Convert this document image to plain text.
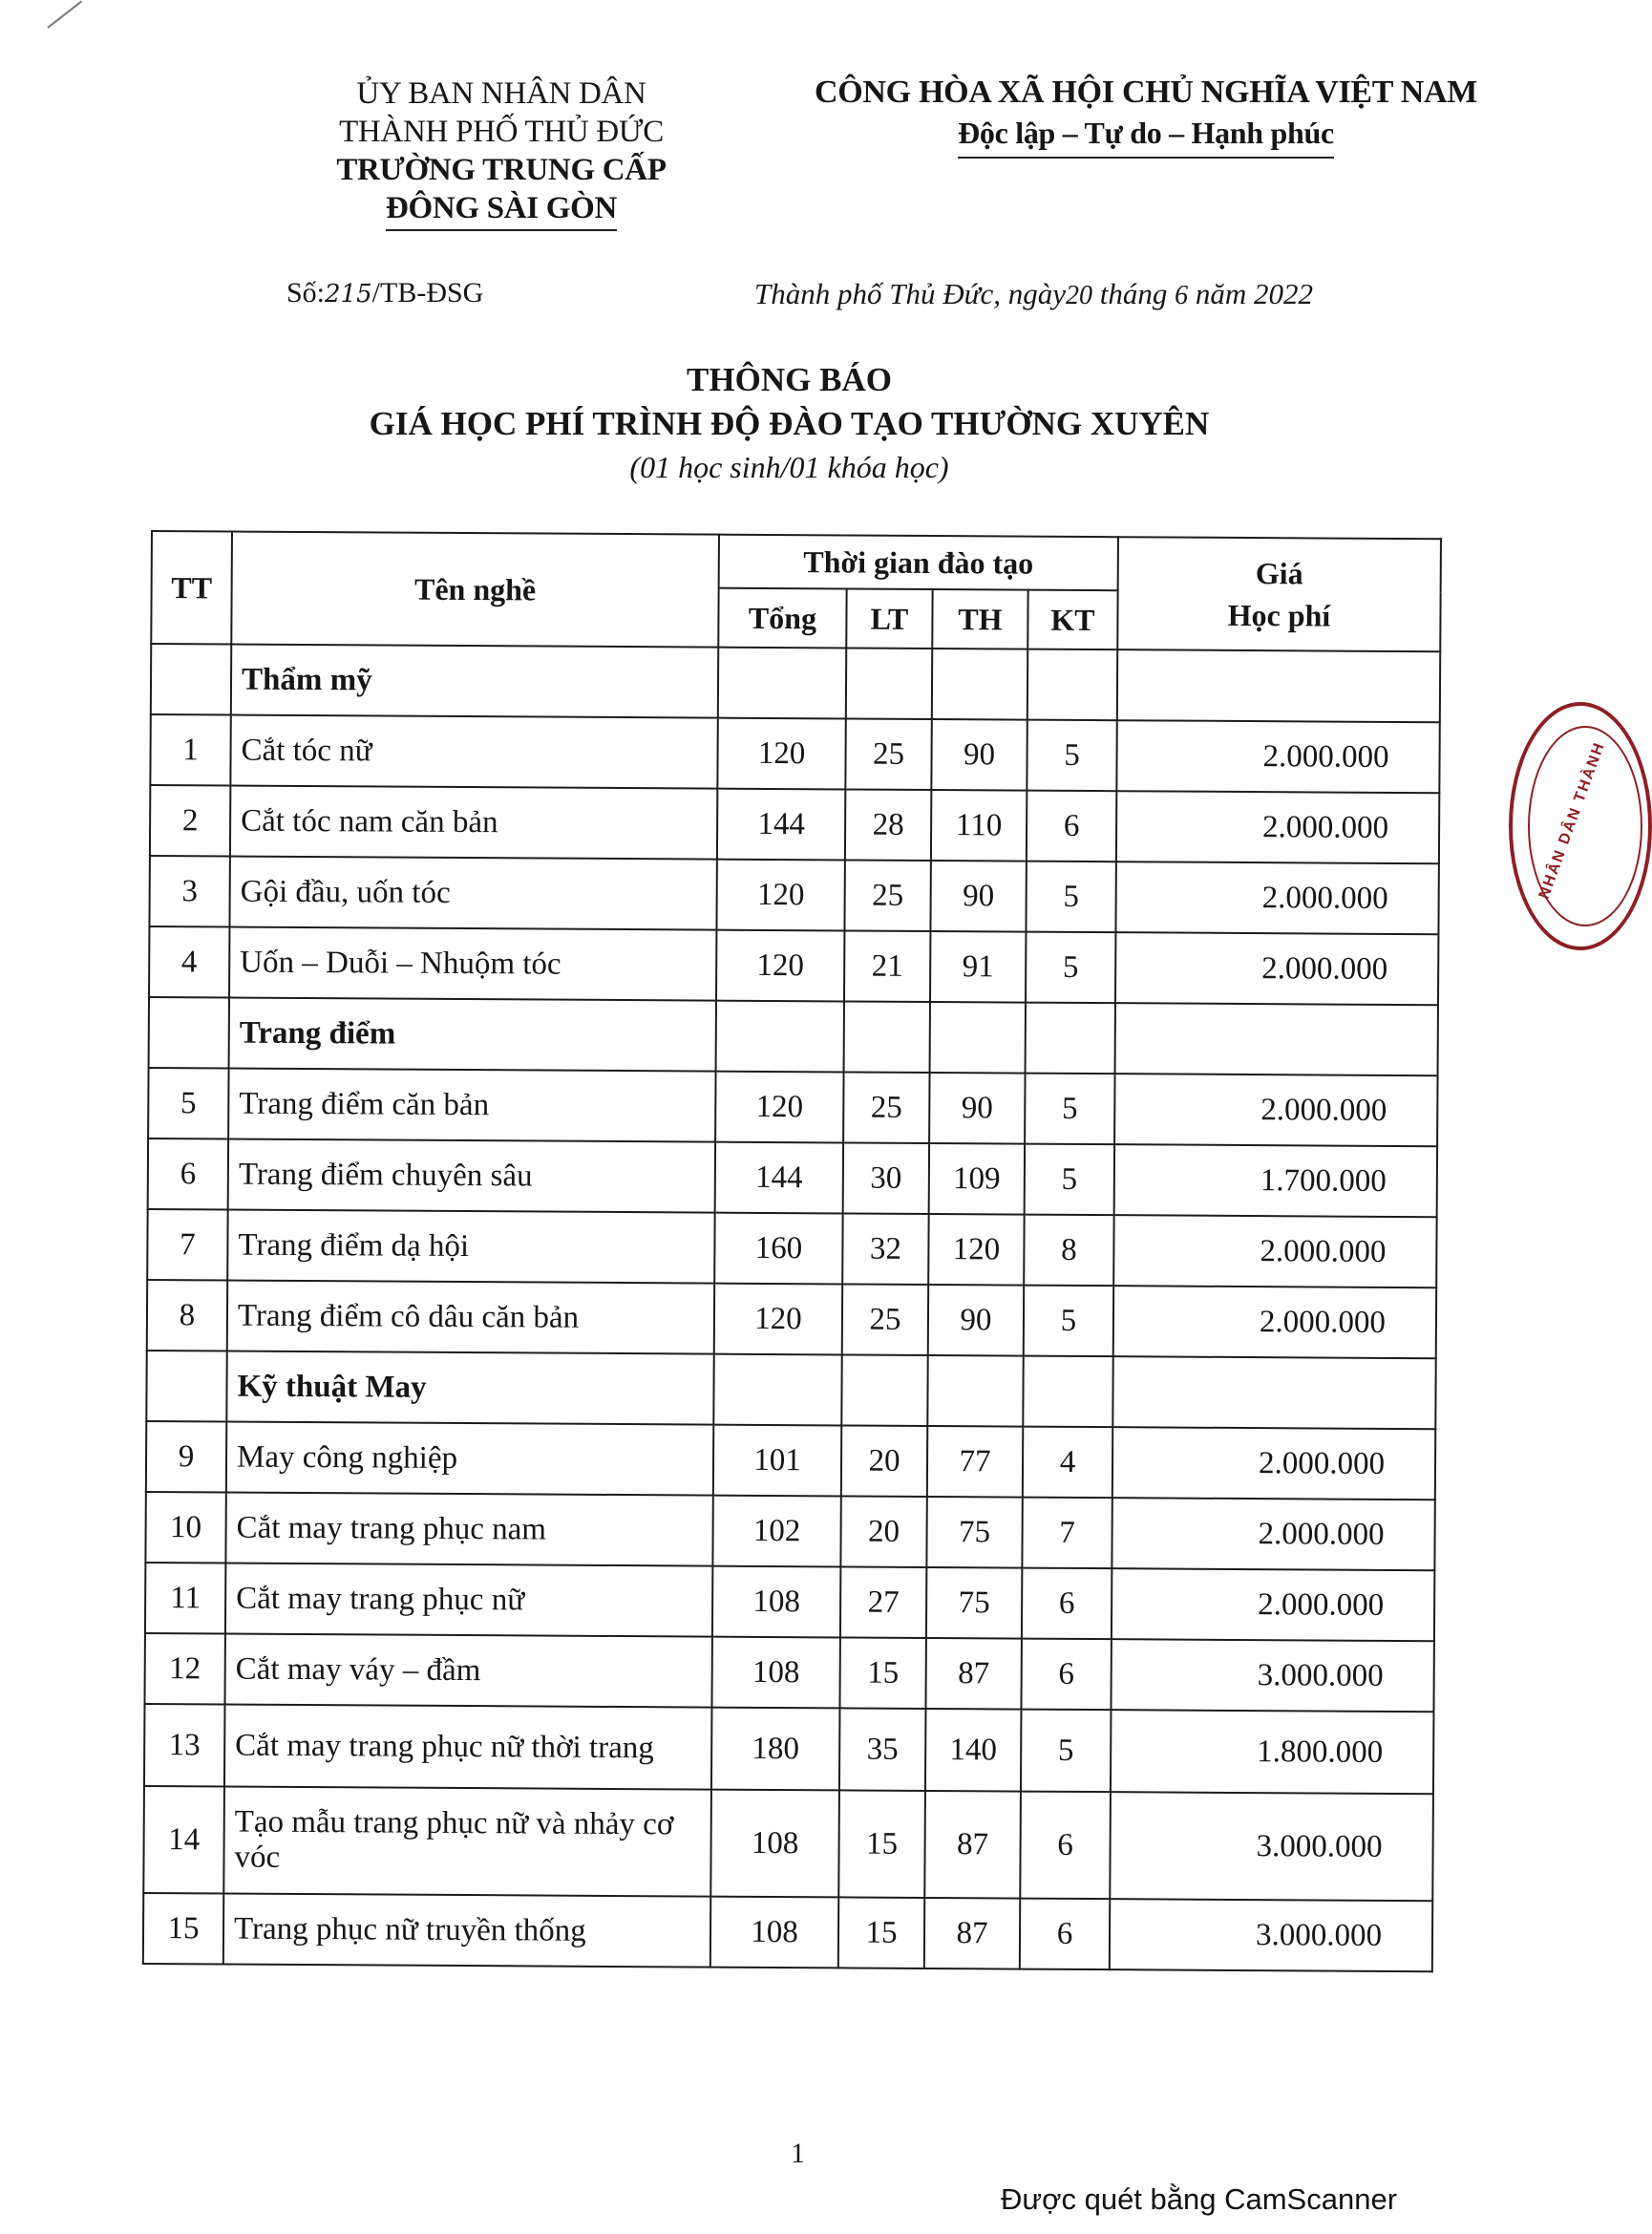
ỦY BAN NHÂN DÂN
THÀNH PHỐ THỦ ĐỨC
TRƯỜNG TRUNG CẤP
ĐÔNG SÀI GÒN
CÔNG HÒA XÃ HỘI CHỦ NGHĨA VIỆT NAM
Độc lập – Tự do – Hạnh phúc
Số:215/TB-ĐSG	Thành phố Thủ Đức, ngày20 tháng 6 năm 2022
THÔNG BÁO
GIÁ HỌC PHÍ TRÌNH ĐỘ ĐÀO TẠO THƯỜNG XUYÊN
(01 học sinh/01 khóa học)
TT	Tên nghề	Thời gian đào tạo				Giá
Học phí

		Tổng	LT	TH	KT	
	Thẩm mỹ					
1	Cắt tóc nữ	120	25	90	5	2.000.000
2	Cắt tóc nam căn bản	144	28	110	6	2.000.000
3	Gội đầu, uốn tóc	120	25	90	5	2.000.000
4	Uốn – Duỗi – Nhuộm tóc	120	21	91	5	2.000.000
	Trang điểm					
5	Trang điểm căn bản	120	25	90	5	2.000.000
6	Trang điểm chuyên sâu	144	30	109	5	1.700.000
7	Trang điểm dạ hội	160	32	120	8	2.000.000
8	Trang điểm cô dâu căn bản	120	25	90	5	2.000.000
	Kỹ thuật May					
9	May công nghiệp	101	20	77	4	2.000.000
10	Cắt may trang phục nam	102	20	75	7	2.000.000
11	Cắt may trang phục nữ	108	27	75	6	2.000.000
12	Cắt may váy – đầm	108	15	87	6	3.000.000
13	Cắt may trang phục nữ thời trang	180	35	140	5	1.800.000
14	Tạo mẫu trang phục nữ và nhảy cơ vóc	108	15	87	6	3.000.000
15	Trang phục nữ truyền thống	108	15	87	6	3.000.000
NHÂN DÂN THÀNH
1
Được quét bằng CamScanner
